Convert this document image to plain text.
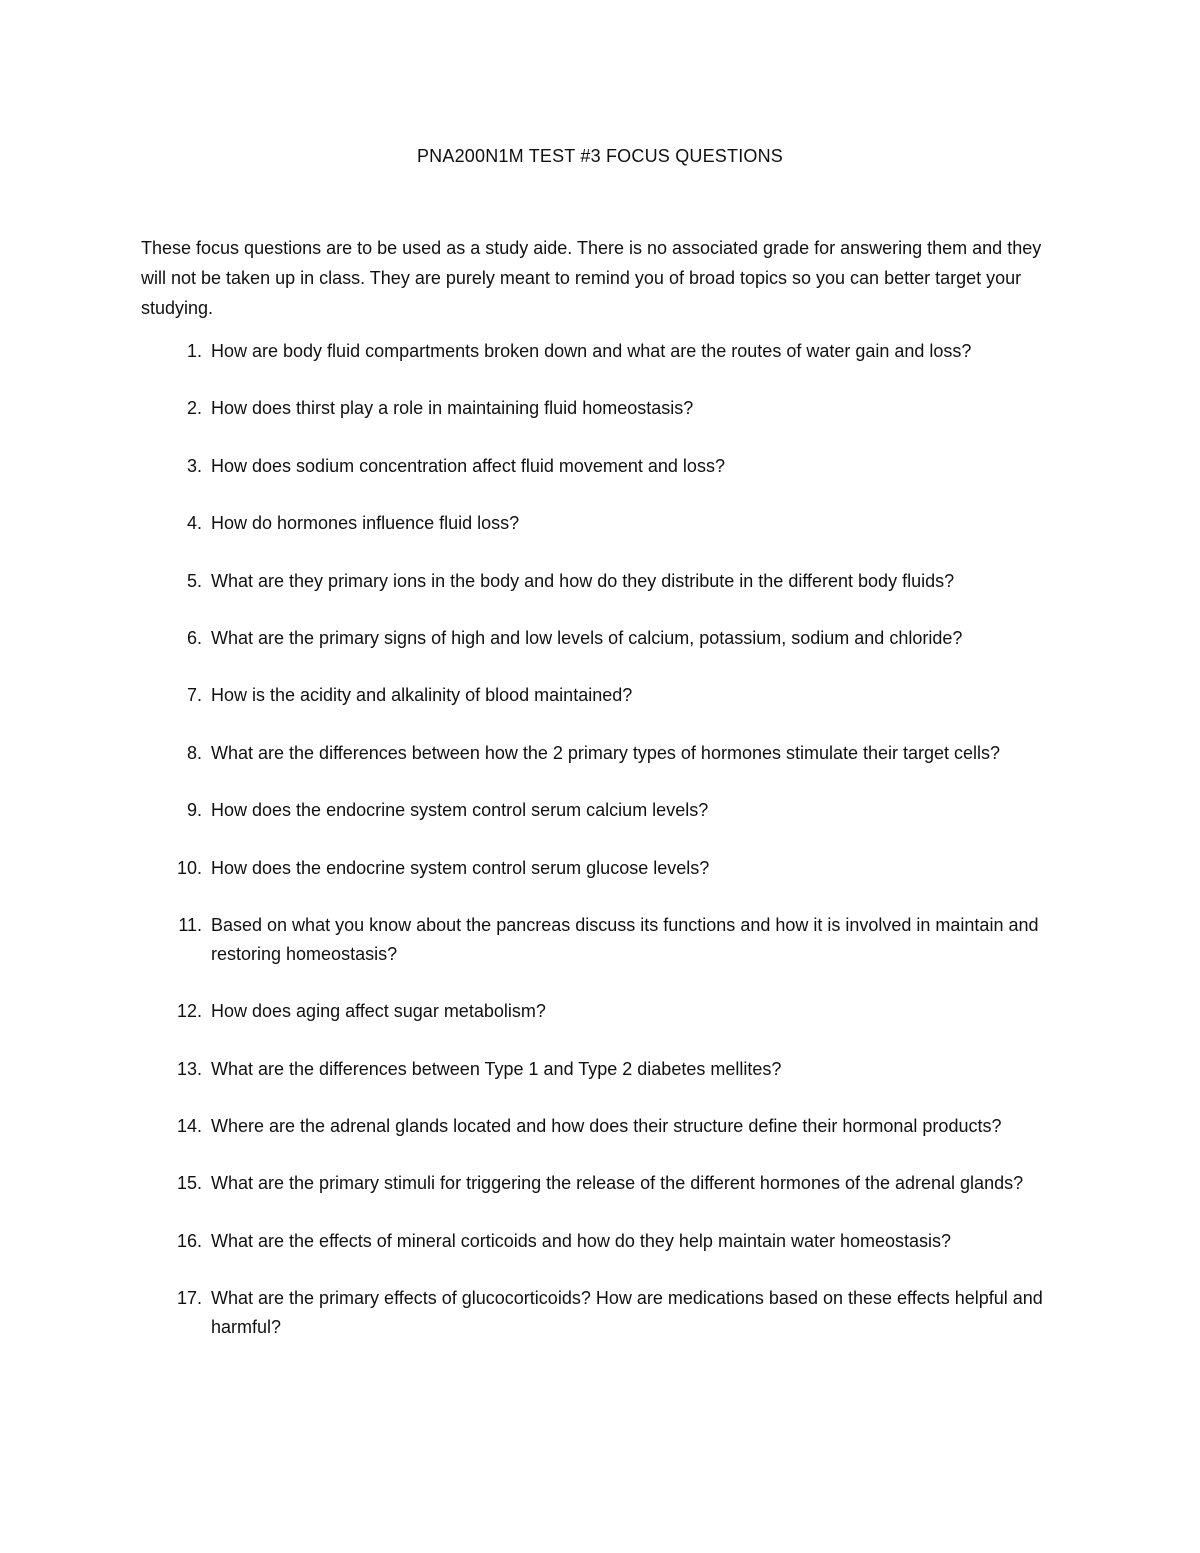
PNA200N1M TEST #3 FOCUS QUESTIONS

These focus questions are to be used as a study aide. There is no associated grade for answering them and they will not be taken up in class. They are purely meant to remind you of broad topics so you can better target your studying.

1. How are body fluid compartments broken down and what are the routes of water gain and loss?
2. How does thirst play a role in maintaining fluid homeostasis?
3. How does sodium concentration affect fluid movement and loss?
4. How do hormones influence fluid loss?
5. What are they primary ions in the body and how do they distribute in the different body fluids?
6. What are the primary signs of high and low levels of calcium, potassium, sodium and chloride?
7. How is the acidity and alkalinity of blood maintained?
8. What are the differences between how the 2 primary types of hormones stimulate their target cells?
9. How does the endocrine system control serum calcium levels?
10. How does the endocrine system control serum glucose levels?
11. Based on what you know about the pancreas discuss its functions and how it is involved in maintain and restoring homeostasis?
12. How does aging affect sugar metabolism?
13. What are the differences between Type 1 and Type 2 diabetes mellites?
14. Where are the adrenal glands located and how does their structure define their hormonal products?
15. What are the primary stimuli for triggering the release of the different hormones of the adrenal glands?
16. What are the effects of mineral corticoids and how do they help maintain water homeostasis?
17. What are the primary effects of glucocorticoids? How are medications based on these effects helpful and harmful?
